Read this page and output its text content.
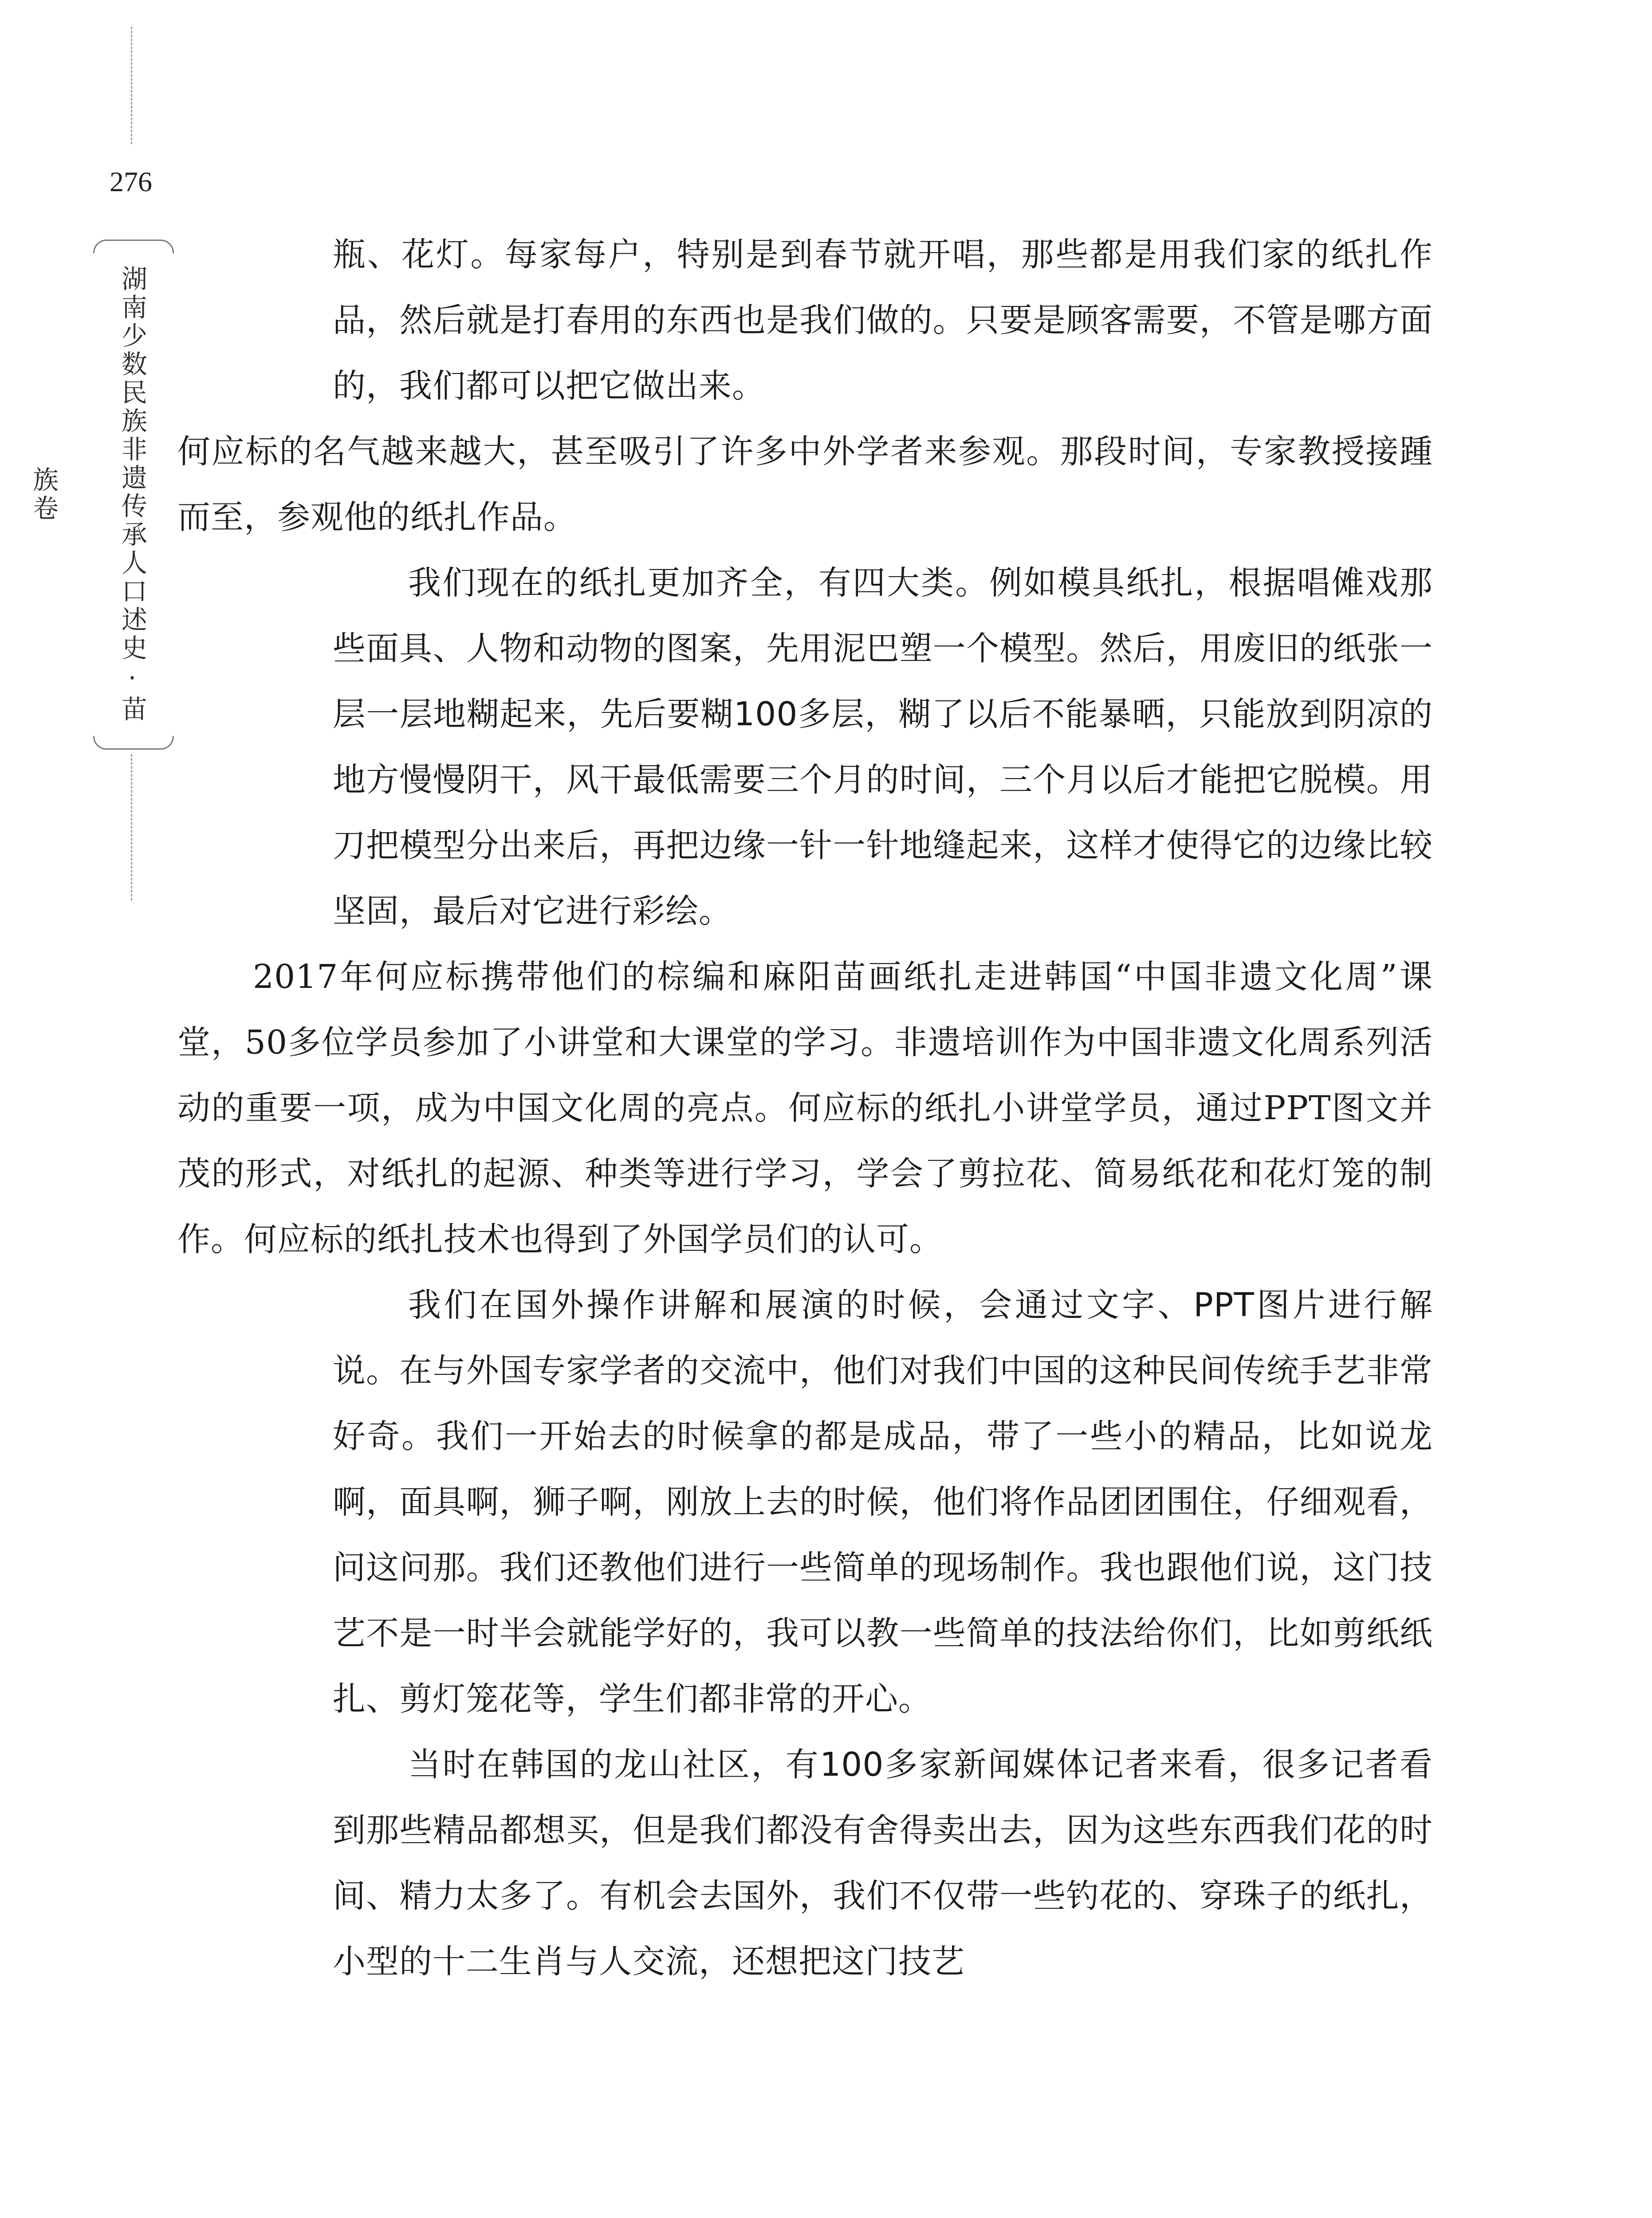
276
湖南少数民族非遗传承人口述史·苗族卷

瓶、花灯。每家每户，特别是到春节就开唱，那些都是用我们家的纸扎作品，然后就是打春用的东西也是我们做的。只要是顾客需要，不管是哪方面的，我们都可以把它做出来。

何应标的名气越来越大，甚至吸引了许多中外学者来参观。那段时间，专家教授接踵而至，参观他的纸扎作品。

我们现在的纸扎更加齐全，有四大类。例如模具纸扎，根据唱傩戏那些面具、人物和动物的图案，先用泥巴塑一个模型。然后，用废旧的纸张一层一层地糊起来，先后要糊100多层，糊了以后不能暴晒，只能放到阴凉的地方慢慢阴干，风干最低需要三个月的时间，三个月以后才能把它脱模。用刀把模型分出来后，再把边缘一针一针地缝起来，这样才使得它的边缘比较坚固，最后对它进行彩绘。

2017年何应标携带他们的棕编和麻阳苗画纸扎走进韩国“中国非遗文化周”课堂，50多位学员参加了小讲堂和大课堂的学习。非遗培训作为中国非遗文化周系列活动的重要一项，成为中国文化周的亮点。何应标的纸扎小讲堂学员，通过PPT图文并茂的形式，对纸扎的起源、种类等进行学习，学会了剪拉花、简易纸花和花灯笼的制作。何应标的纸扎技术也得到了外国学员们的认可。

我们在国外操作讲解和展演的时候，会通过文字、PPT图片进行解说。在与外国专家学者的交流中，他们对我们中国的这种民间传统手艺非常好奇。我们一开始去的时候拿的都是成品，带了一些小的精品，比如说龙啊，面具啊，狮子啊，刚放上去的时候，他们将作品团团围住，仔细观看，问这问那。我们还教他们进行一些简单的现场制作。我也跟他们说，这门技艺不是一时半会就能学好的，我可以教一些简单的技法给你们，比如剪纸纸扎、剪灯笼花等，学生们都非常的开心。

当时在韩国的龙山社区，有100多家新闻媒体记者来看，很多记者看到那些精品都想买，但是我们都没有舍得卖出去，因为这些东西我们花的时间、精力太多了。有机会去国外，我们不仅带一些钓花的、穿珠子的纸扎，小型的十二生肖与人交流，还想把这门技艺
